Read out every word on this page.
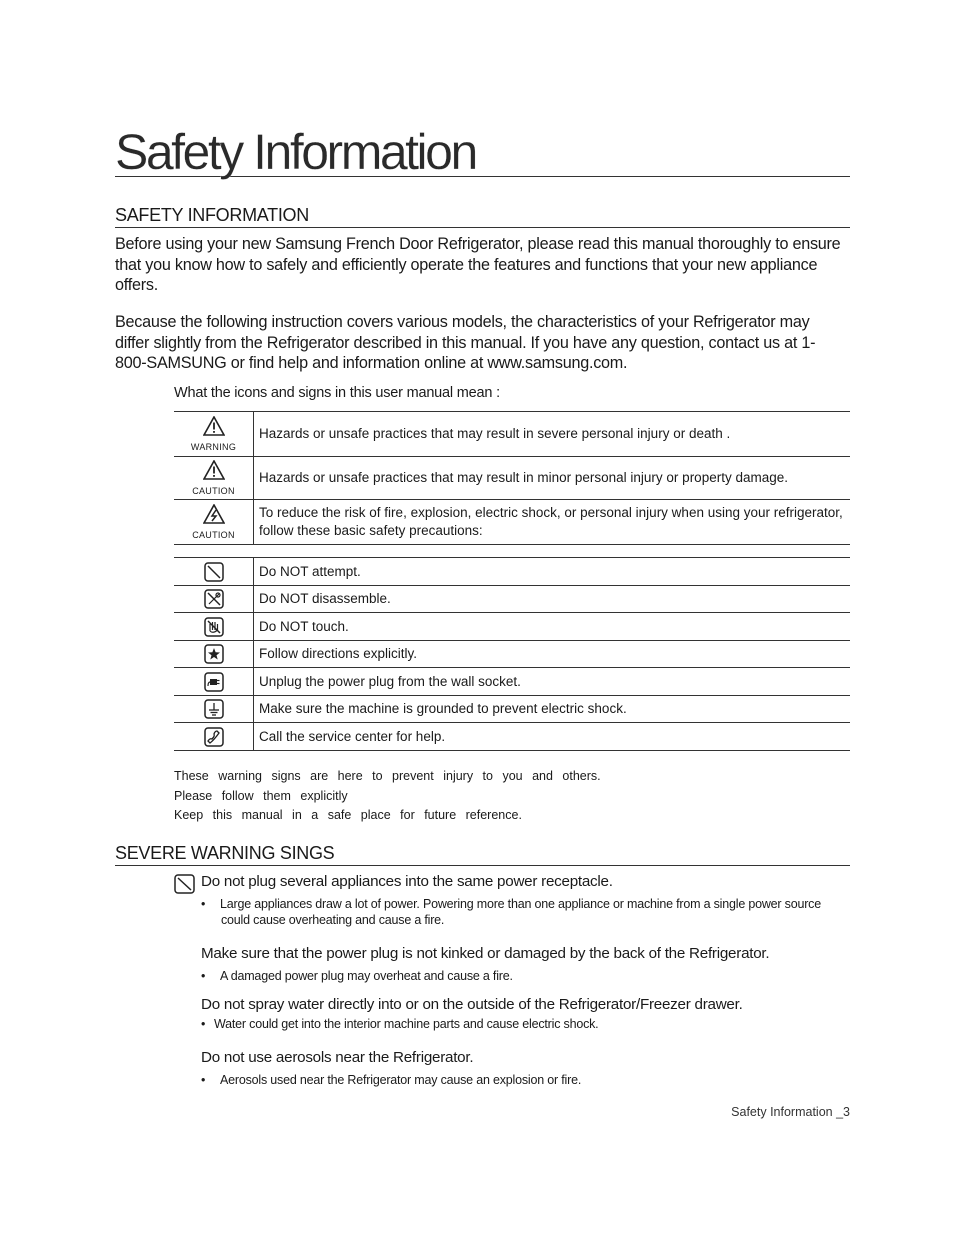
Safety Information
SAFETY INFORMATION

Before using your new Samsung French Door Refrigerator, please read this manual thoroughly to ensure that you know how to safely and efficiently operate the features and functions that your new appliance offers.

Because the following instruction covers various models, the characteristics of your Refrigerator may differ slightly from the Refrigerator described in this manual. If you have any question, contact us at 1-800-SAMSUNG or find help and information online at www.samsung.com.

What the icons and signs in this user manual mean :
WARNING	Hazards or unsafe practices that may result in severe personal injury or death .

CAUTION	Hazards or unsafe practices that may result in minor personal injury or property damage.

CAUTION	To reduce the risk of fire, explosion, electric shock, or personal injury when using your refrigerator, follow these basic safety precautions:
	Do NOT attempt.
	Do NOT disassemble.
	Do NOT touch.
	Follow directions explicitly.
	Unplug the power plug from the wall socket.
	Make sure the machine is grounded to prevent electric shock.
	Call the service center for help.
These warning signs are here to prevent injury to you and others.
Please follow them explicitly
Keep this manual in a safe place for future reference.
SEVERE WARNING SINGS
Do not plug several appliances into the same power receptacle.
• Large appliances draw a lot of power. Powering more than one appliance or machine from a single power source
could cause overheating and cause a fire.
Make sure that the power plug is not kinked or damaged by the back of the Refrigerator.
• A damaged power plug may overheat and cause a fire.
Do not spray water directly into or on the outside of the Refrigerator/Freezer drawer.
• Water could get into the interior machine parts and cause electric shock.
Do not use aerosols near the Refrigerator.
• Aerosols used near the Refrigerator may cause an explosion or fire.
Safety Information _3
